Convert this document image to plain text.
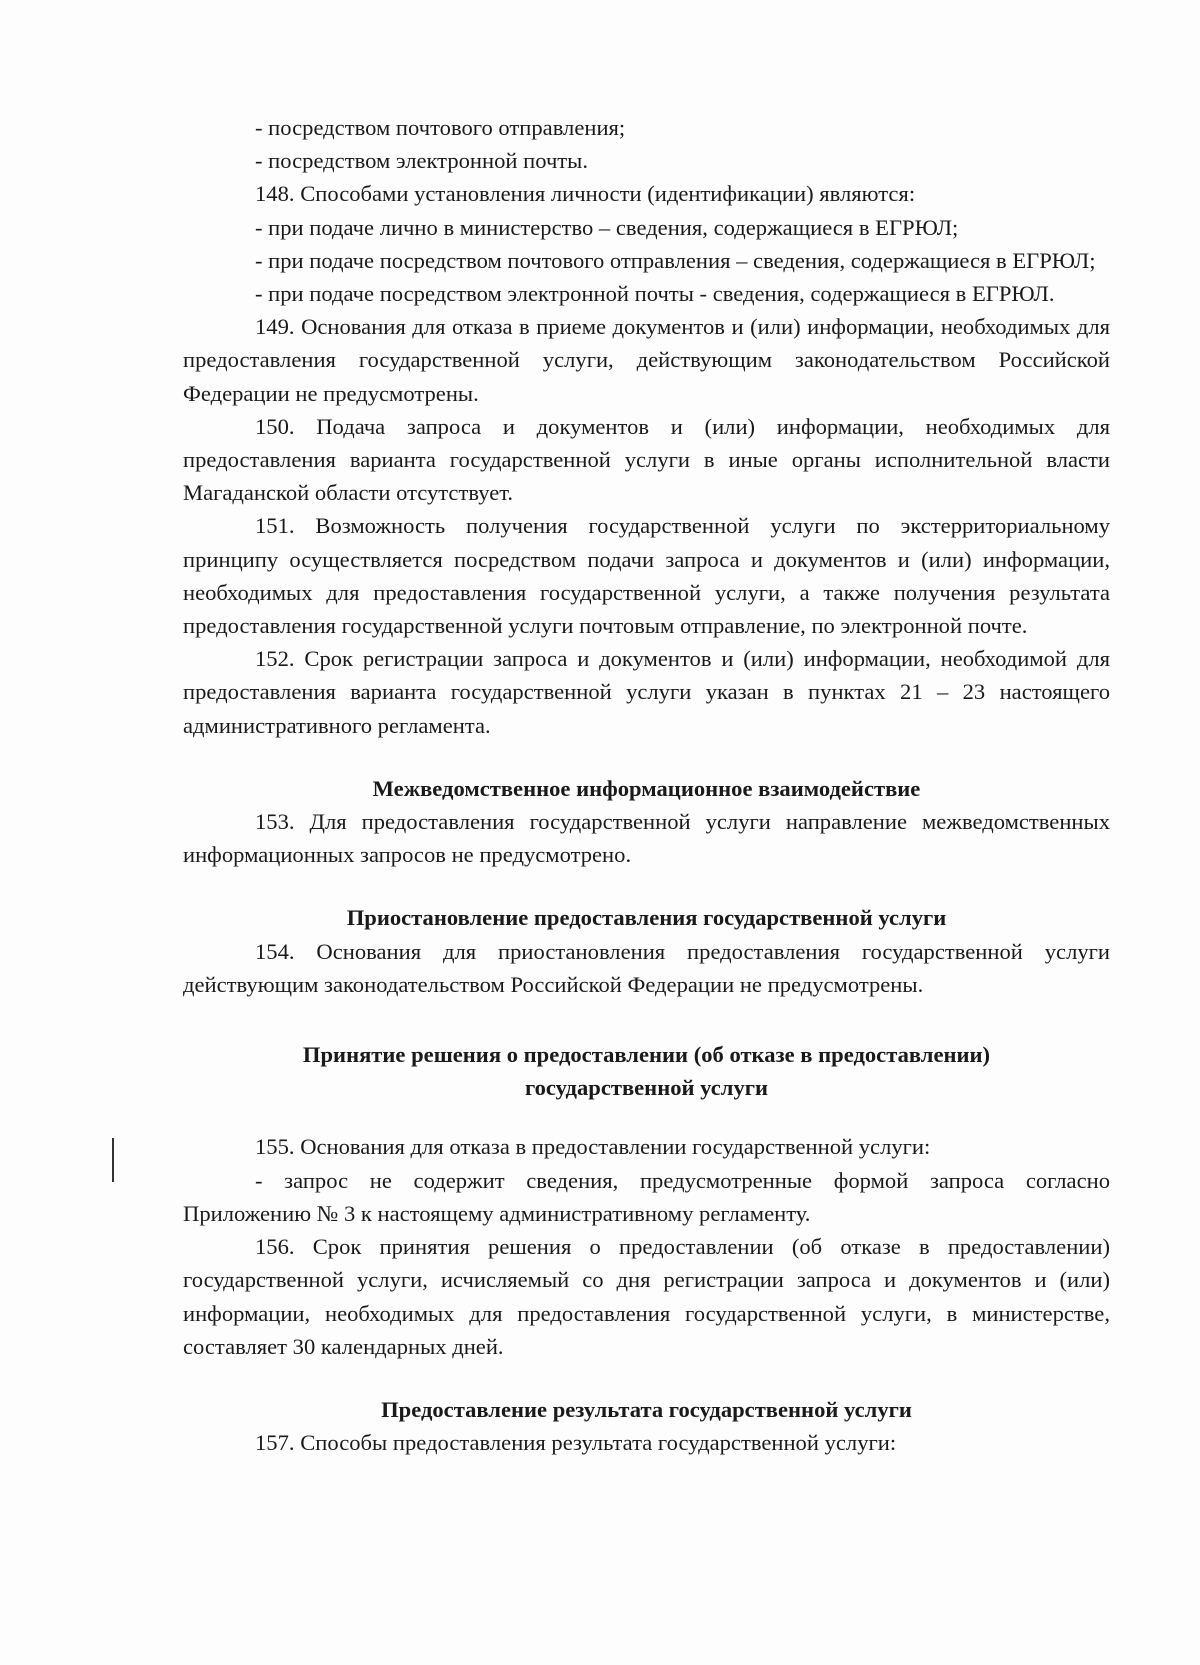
- посредством почтового отправления;

- посредством электронной почты.

148. Способами установления личности (идентификации) являются:

- при подаче лично в министерство – сведения, содержащиеся в ЕГРЮЛ;

- при подаче посредством почтового отправления – сведения, содержащиеся в ЕГРЮЛ;

- при подаче посредством электронной почты - сведения, содержащиеся в ЕГРЮЛ.

149. Основания для отказа в приеме документов и (или) информации, необходимых для предоставления государственной услуги, действующим законодательством Российской Федерации не предусмотрены.

150. Подача запроса и документов и (или) информации, необходимых для предоставления варианта государственной услуги в иные органы исполнительной власти Магаданской области отсутствует.

151. Возможность получения государственной услуги по экстерриториальному принципу осуществляется посредством подачи запроса и документов и (или) информации, необходимых для предоставления государственной услуги, а также получения результата предоставления государственной услуги почтовым отправление, по электронной почте.

152. Срок регистрации запроса и документов и (или) информации, необходимой для предоставления варианта государственной услуги указан в пунктах 21 – 23 настоящего административного регламента.

Межведомственное информационное взаимодействие

153. Для предоставления государственной услуги направление межведомственных информационных запросов не предусмотрено.

Приостановление предоставления государственной услуги

154. Основания для приостановления предоставления государственной услуги действующим законодательством Российской Федерации не предусмотрены.

Принятие решения о предоставлении (об отказе в предоставлении)
государственной услуги

155. Основания для отказа в предоставлении государственной услуги:

- запрос не содержит сведения, предусмотренные формой запроса согласно Приложению № 3 к настоящему административному регламенту.

156. Срок принятия решения о предоставлении (об отказе в предоставлении) государственной услуги, исчисляемый со дня регистрации запроса и документов и (или) информации, необходимых для предоставления государственной услуги, в министерстве, составляет 30 календарных дней.

Предоставление результата государственной услуги

157. Способы предоставления результата государственной услуги:
